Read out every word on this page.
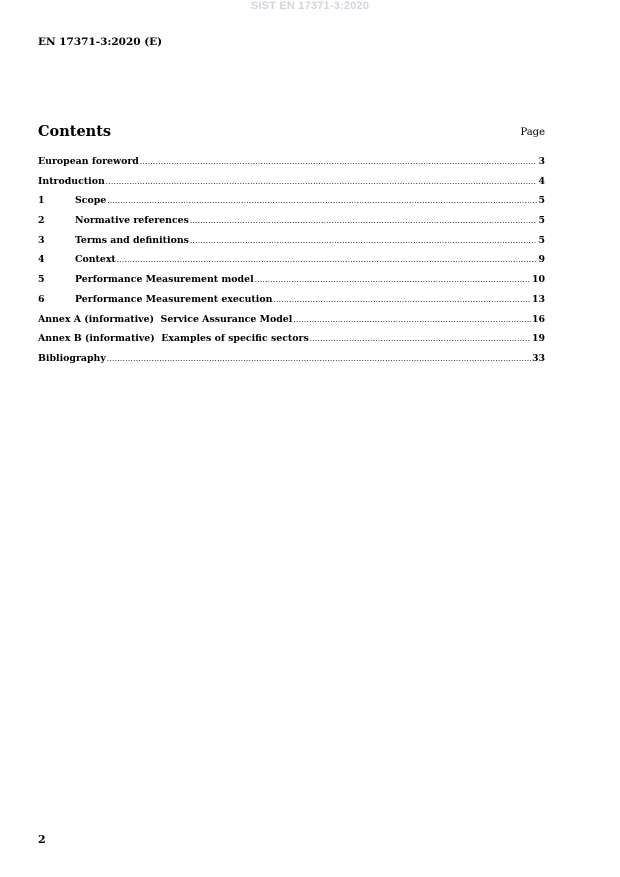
SIST EN 17371-3:2020
EN 17371-3:2020 (E)
Contents	Page
European foreword .....	3
Introduction .....	4
1	Scope .....	5
2	Normative references .....	5
3	Terms and definitions .....	5
4	Context .....	9
5	Performance Measurement model .....	10
6	Performance Measurement execution .....	13
Annex A (informative)  Service Assurance Model .....	16
Annex B (informative)  Examples of specific sectors .....	19
Bibliography .....	33
2
